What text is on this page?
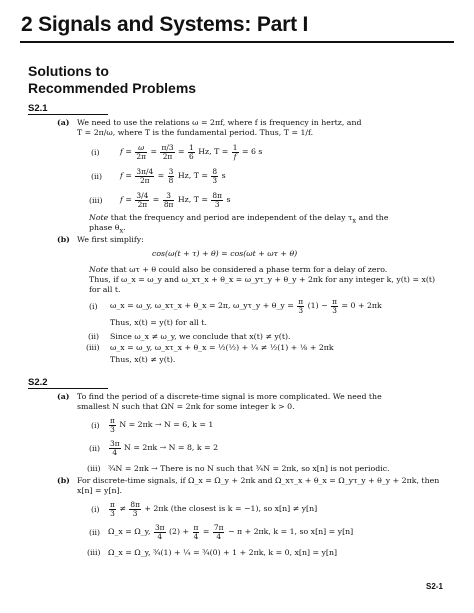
2 Signals and Systems: Part I
Solutions to
Recommended Problems
S2.1
(a) We need to use the relations ω = 2πf, where f is frequency in hertz, and
T = 2π/ω, where T is the fundamental period. Thus, T = 1/f.
(i)	$f = \frac{\omega}{2\pi} = \frac{\pi/3}{2\pi} = \frac{1}{6} Hz$, $T = \frac{1}{f} = 6$ s
(ii) $f = \frac{3\pi/4}{2\pi} = \frac{3}{8} Hz$, $T = \frac{8}{3}$ s
(iii) $f = \frac{3/4}{2\pi} = \frac{3}{8\pi} Hz$, $T = \frac{8\pi}{3}$ s
Note that the frequency and period are independent of the delay $\tau_x$ and the
phase $\theta_x$.
(b) We first simplify:
cos(ω(t + τ) + θ) = cos(ωt + ωτ + θ)
Note that ωτ + θ could also be considered a phase term for a delay of zero.
Thus, if ω_x = ω_y and ω_xτ_x + θ_x = ω_yτ_y + θ_y + 2πk for any integer k, y(t) = x(t)
for all t.
(i) ω_x = ω_y, ω_xτ_x + θ_x = 2π, ω_yτ_y + θ_y = $\frac{\pi}{3} (1) - \frac{\pi}{3} = 0 + 2\pi k$
Thus, x(t) = y(t) for all t.
(ii) Since ω_x ≠ ω_y, we conclude that x(t) ≠ y(t).
(iii) ω_x = ω_y, ω_xτ_x + θ_x = ½(½) + ¼ ≠ ½(1) + ⅛ + 2πk
Thus, x(t) ≠ y(t).
S2.2
(a) To find the period of a discrete-time signal is more complicated. We need the
smallest N such that ΩN = 2πk for some integer k > 0.
$(i) \frac{\pi}{3}$ N = 2πk → N = 6, k = 1
$(ii) \frac{3\pi}{4}$ N = 2πk → N = 8, k = 2
(iii) ¾N = 2πk → There is no N such that ¾N = 2πk, so x[n] is not periodic.
(b) For discrete-time signals, if Ω_x = Ω_y + 2πk and Ω_xτ_x + θ_x = Ω_yτ_y + θ_y + 2πk, then
x[n] = y[n].
$(i) \frac{\pi}{3} \ne \frac{8\pi}{3} + 2\pi k$ (the closest is k = −1), so x[n] ≠ y[n]
(ii) Ω_x = Ω_y, $\frac{3\pi}{4} (2) + \frac{\pi}{4} = \frac{7\pi}{4} - \pi + 2\pi k$, k = 1, so x[n] = y[n]
(iii) Ω_x = Ω_y, ¾(1) + ¼ = ¾(0) + 1 + 2πk, k = 0, x[n] = y[n]
S2-1
